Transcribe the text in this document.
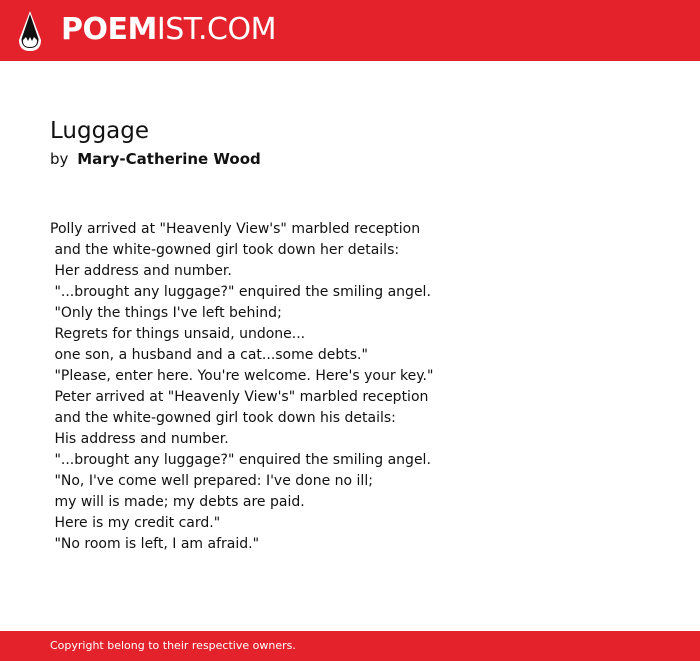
POEMIST.COM
Luggage
by Mary-Catherine Wood
Polly arrived at "Heavenly View's" marbled reception
and the white-gowned girl took down her details:
Her address and number.
"...brought any luggage?" enquired the smiling angel.
"Only the things I've left behind;
Regrets for things unsaid, undone...
one son, a husband and a cat...some debts."
"Please, enter here. You're welcome. Here's your key."
Peter arrived at "Heavenly View's" marbled reception
and the white-gowned girl took down his details:
His address and number.
"...brought any luggage?" enquired the smiling angel.
"No, I've come well prepared: I've done no ill;
my will is made; my debts are paid.
Here is my credit card."
"No room is left, I am afraid."
Copyright belong to their respective owners.
